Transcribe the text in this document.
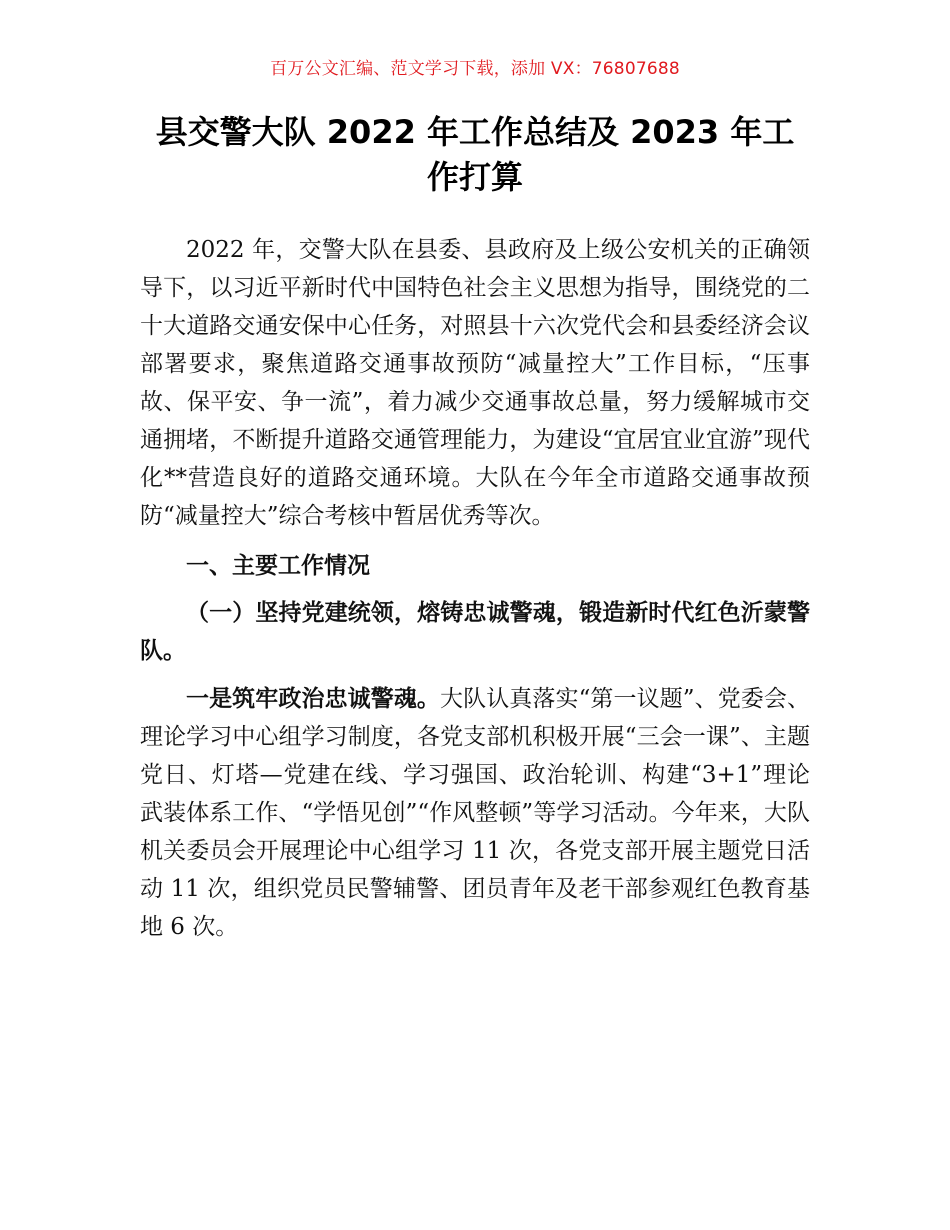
百万公文汇编、范文学习下载，添加 VX：76807688
县交警大队 2022 年工作总结及 2023 年工作打算

2022 年，交警大队在县委、县政府及上级公安机关的正确领导下，以习近平新时代中国特色社会主义思想为指导，围绕党的二十大道路交通安保中心任务，对照县十六次党代会和县委经济会议部署要求，聚焦道路交通事故预防“减量控大”工作目标，“压事故、保平安、争一流”，着力减少交通事故总量，努力缓解城市交通拥堵，不断提升道路交通管理能力，为建设“宜居宜业宜游”现代化**营造良好的道路交通环境。大队在今年全市道路交通事故预防“减量控大”综合考核中暂居优秀等次。

一、主要工作情况

（一）坚持党建统领，熔铸忠诚警魂，锻造新时代红色沂蒙警队。

一是筑牢政治忠诚警魂。大队认真落实“第一议题”、党委会、理论学习中心组学习制度，各党支部机积极开展“三会一课”、主题党日、灯塔—党建在线、学习强国、政治轮训、构建“3+1”理论武装体系工作、“学悟见创”“作风整顿”等学习活动。今年来，大队机关委员会开展理论中心组学习 11 次，各党支部开展主题党日活动 11 次，组织党员民警辅警、团员青年及老干部参观红色教育基地 6 次。
